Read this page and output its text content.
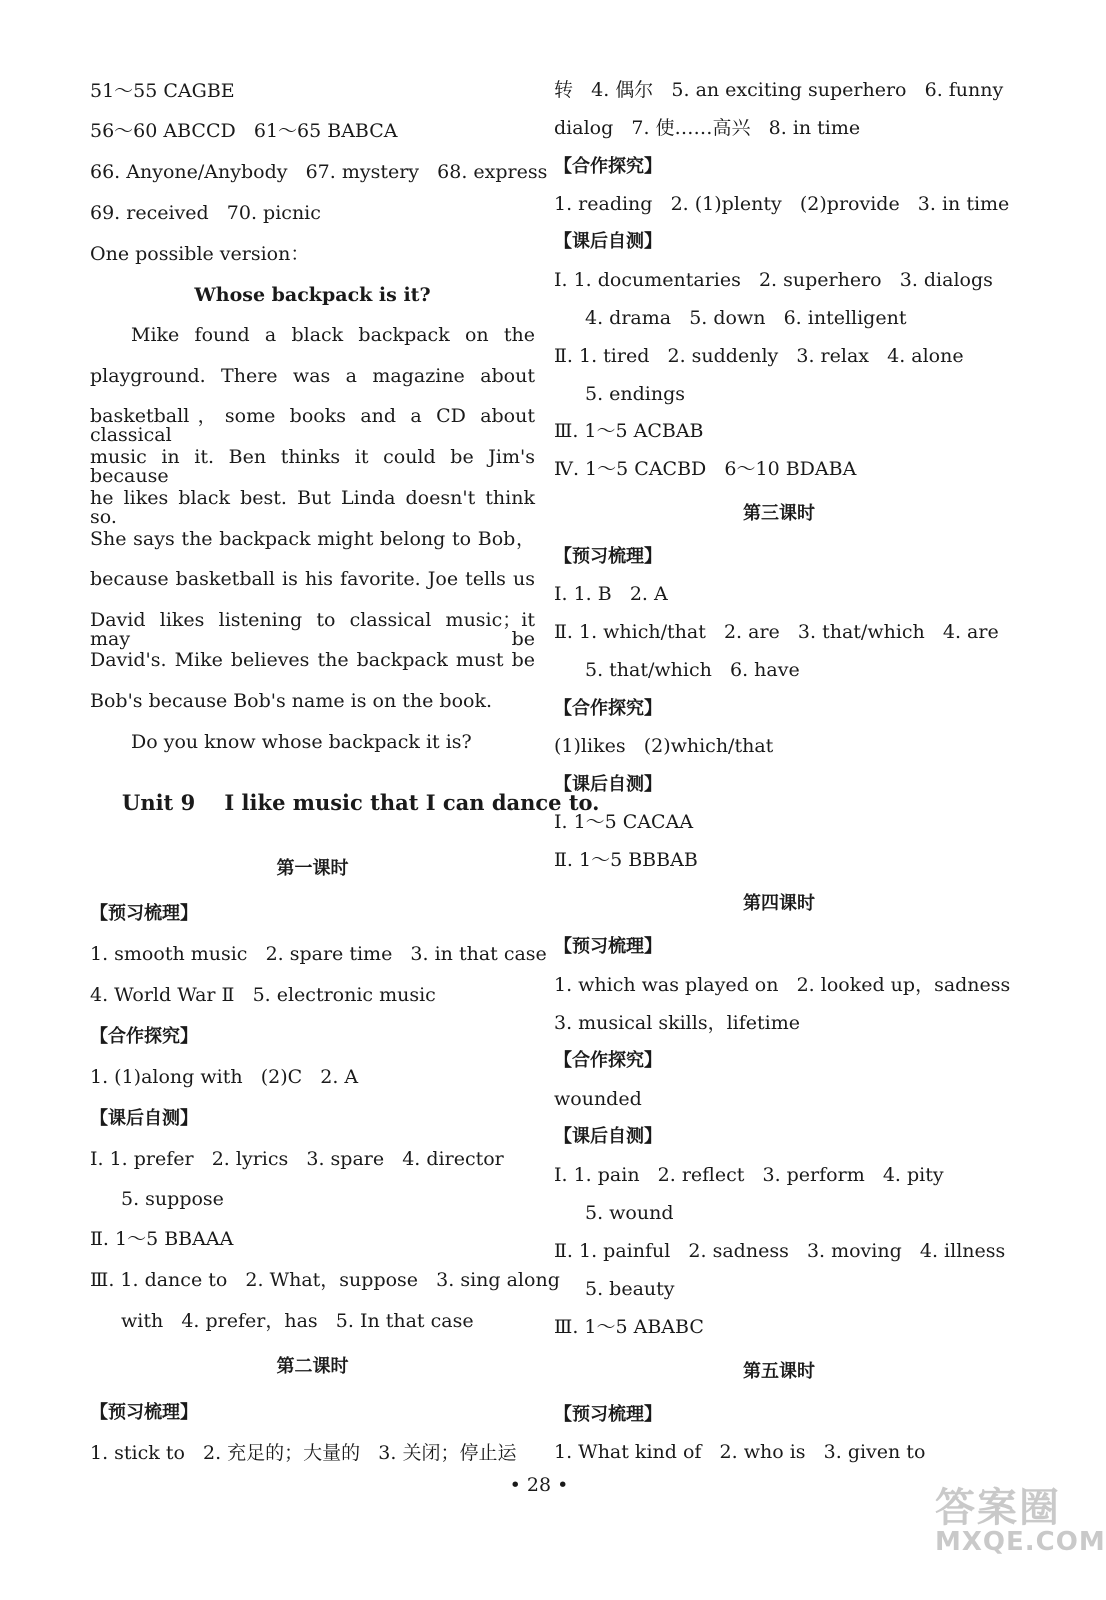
51～55 CAGBE
56～60 ABCCD   61～65 BABCA
66. Anyone/Anybody   67. mystery   68. express
69. received   70. picnic
One possible version：
Whose backpack is it?
Mike found a black backpack on the
playground. There was a magazine about
basketball，some books and a CD about classical
music in it. Ben thinks it could be Jim's because
he likes black best. But Linda doesn't think so.
She says the backpack might belong to Bob，
because basketball is his favorite. Joe tells us
David likes listening to classical music；it may be
David's. Mike believes the backpack must be
Bob's because Bob's name is on the book.
Do you know whose backpack it is?
Unit 9    I like music that I can dance to.
第一课时
【预习梳理】
1. smooth music   2. spare time   3. in that case
4. World War Ⅱ   5. electronic music
【合作探究】
1. (1)along with   (2)C   2. A
【课后自测】
Ⅰ. 1. prefer   2. lyrics   3. spare   4. director
5. suppose
Ⅱ. 1～5 BBAAA
Ⅲ. 1. dance to   2. What，suppose   3. sing along
with   4. prefer，has   5. In that case
第二课时
【预习梳理】
1. stick to   2. 充足的；大量的   3. 关闭；停止运
转   4. 偶尔   5. an exciting superhero   6. funny
dialog   7. 使……高兴   8. in time
【合作探究】
1. reading   2. (1)plenty   (2)provide   3. in time
【课后自测】
Ⅰ. 1. documentaries   2. superhero   3. dialogs
4. drama   5. down   6. intelligent
Ⅱ. 1. tired   2. suddenly   3. relax   4. alone
5. endings
Ⅲ. 1～5 ACBAB
Ⅳ. 1～5 CACBD   6～10 BDABA
第三课时
【预习梳理】
Ⅰ. 1. B   2. A
Ⅱ. 1. which/that   2. are   3. that/which   4. are
5. that/which   6. have
【合作探究】
(1)likes   (2)which/that
【课后自测】
Ⅰ. 1～5 CACAA
Ⅱ. 1～5 BBBAB
第四课时
【预习梳理】
1. which was played on   2. looked up，sadness
3. musical skills，lifetime
【合作探究】
wounded
【课后自测】
Ⅰ. 1. pain   2. reflect   3. perform   4. pity
5. wound
Ⅱ. 1. painful   2. sadness   3. moving   4. illness
5. beauty
Ⅲ. 1～5 ABABC
第五课时
【预习梳理】
1. What kind of   2. who is   3. given to
• 28 •	答案圈
MXQE.COM
